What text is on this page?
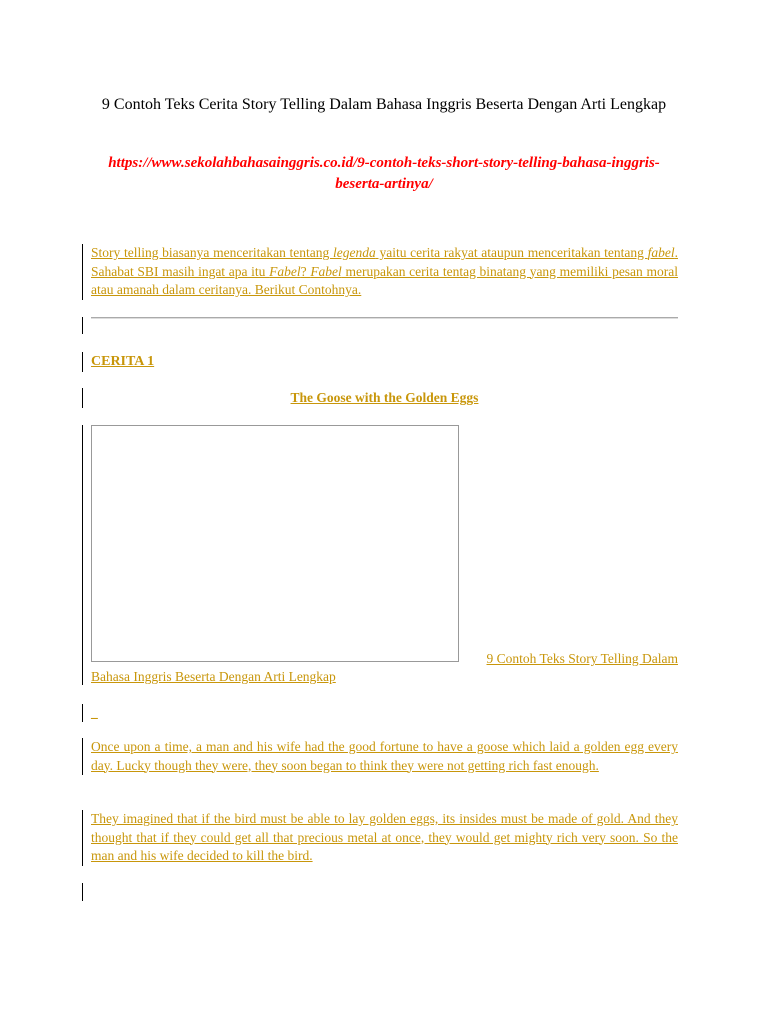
9 Contoh Teks Cerita Story Telling Dalam Bahasa Inggris Beserta Dengan Arti Lengkap
https://www.sekolahbahasainggris.co.id/9-contoh-teks-short-story-telling-bahasa-inggris-beserta-artinya/
Story telling biasanya menceritakan tentang legenda yaitu cerita rakyat ataupun menceritakan tentang fabel. Sahabat SBI masih ingat apa itu Fabel? Fabel merupakan cerita tentag binatang yang memiliki pesan moral atau amanah dalam ceritanya. Berikut Contohnya.
CERITA 1
The Goose with the Golden Eggs
9 Contoh Teks Story Telling Dalam
Bahasa Inggris Beserta Dengan Arti Lengkap
_
Once upon a time, a man and his wife had the good fortune to have a goose which laid a golden egg every day. Lucky though they were, they soon began to think they were not getting rich fast enough.
They imagined that if the bird must be able to lay golden eggs, its insides must be made of gold. And they thought that if they could get all that precious metal at once, they would get mighty rich very soon. So the man and his wife decided to kill the bird.
